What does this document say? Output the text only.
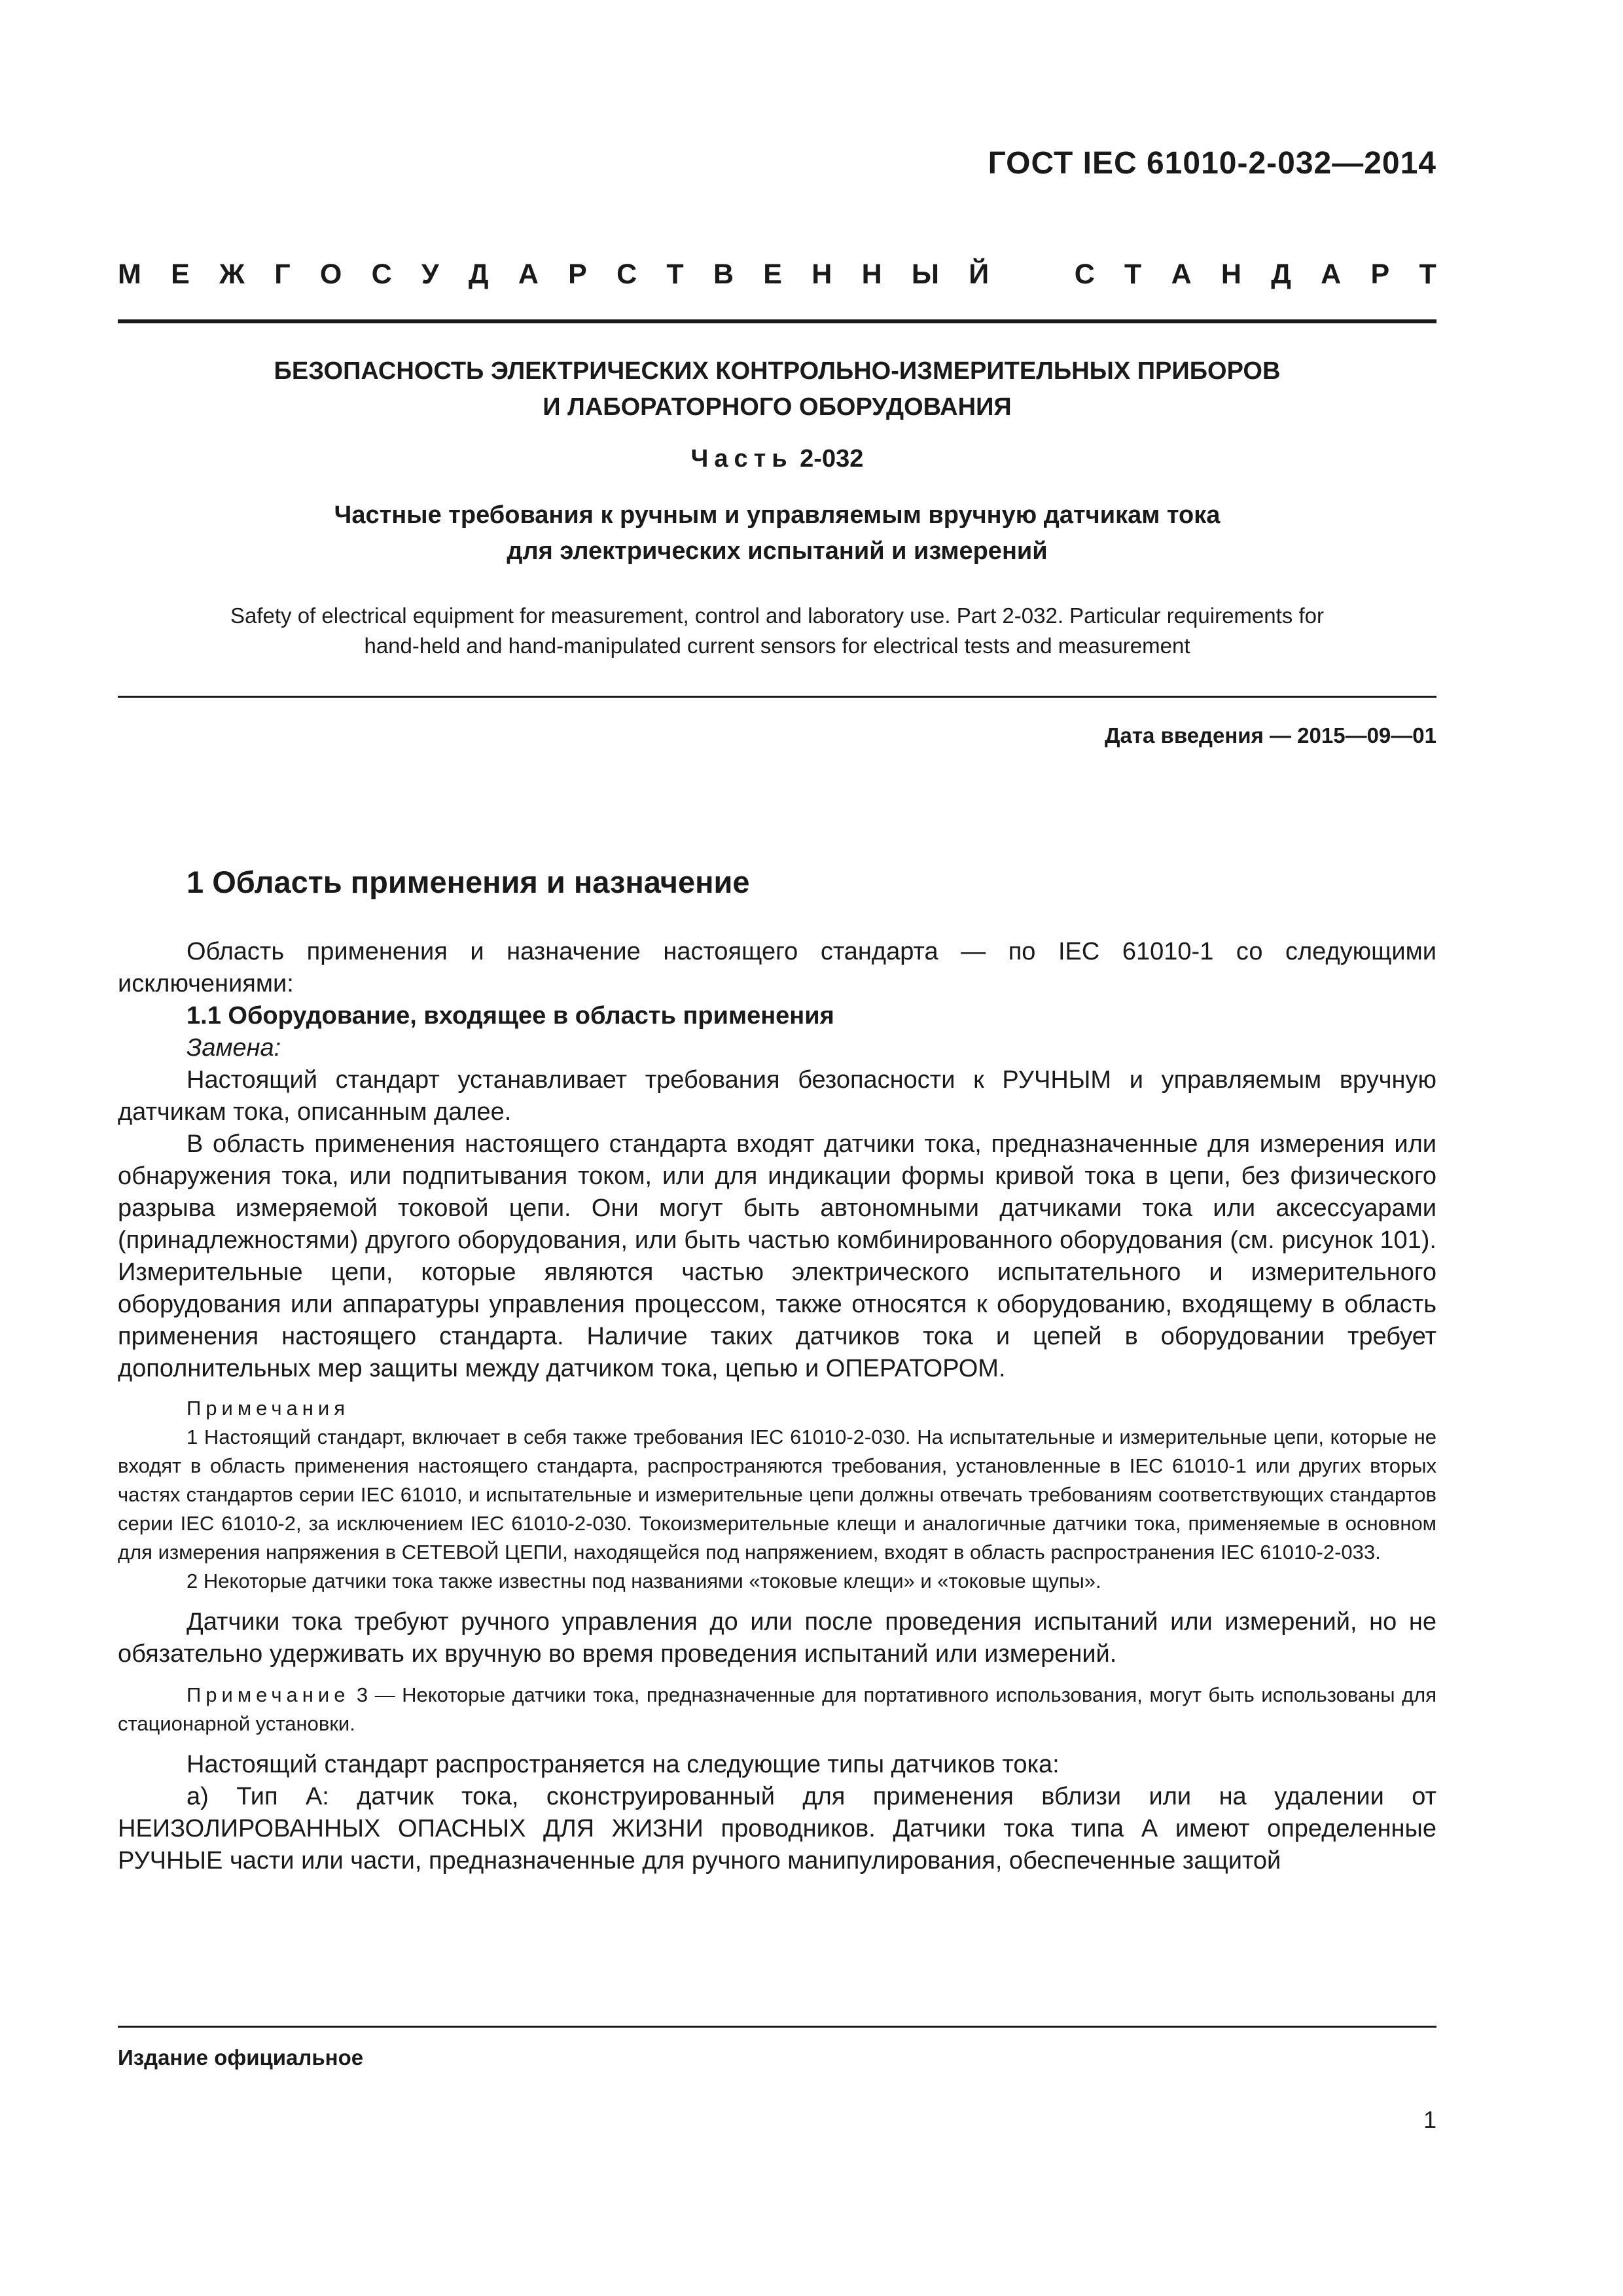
ГОСТ IEC 61010-2-032—2014
М Е Ж Г О С У Д А Р С Т В Е Н Н Ы Й	С Т А Н Д А Р Т
БЕЗОПАСНОСТЬ ЭЛЕКТРИЧЕСКИХ КОНТРОЛЬНО-ИЗМЕРИТЕЛЬНЫХ ПРИБОРОВ
И ЛАБОРАТОРНОГО ОБОРУДОВАНИЯ
Часть 2-032
Частные требования к ручным и управляемым вручную датчикам тока
для электрических испытаний и измерений
Safety of electrical equipment for measurement, control and laboratory use. Part 2-032. Particular requirements for
hand-held and hand-manipulated current sensors for electrical tests and measurement
Дата введения — 2015—09—01
1 Область применения и назначение

Область применения и назначение настоящего стандарта — по IEC 61010-1 со следующими исключениями:

1.1 Оборудование, входящее в область применения

Замена:

Настоящий стандарт устанавливает требования безопасности к РУЧНЫМ и управляемым вручную датчикам тока, описанным далее.

В область применения настоящего стандарта входят датчики тока, предназначенные для измерения или обнаружения тока, или подпитывания током, или для индикации формы кривой тока в цепи, без физического разрыва измеряемой токовой цепи. Они могут быть автономными датчиками тока или аксессуарами (принадлежностями) другого оборудования, или быть частью комбинированного оборудования (см. рисунок 101). Измерительные цепи, которые являются частью электрического испытательного и измерительного оборудования или аппаратуры управления процессом, также относятся к оборудованию, входящему в область применения настоящего стандарта. Наличие таких датчиков тока и цепей в оборудовании требует дополнительных мер защиты между датчиком тока, цепью и ОПЕРАТОРОМ.

Примечания

1 Настоящий стандарт, включает в себя также требования IEC 61010-2-030. На испытательные и измерительные цепи, которые не входят в область применения настоящего стандарта, распространяются требования, установленные в IEC 61010-1 или других вторых частях стандартов серии IEC 61010, и испытательные и измерительные цепи должны отвечать требованиям соответствующих стандартов серии IEC 61010-2, за исключением IEC 61010-2-030. Токоизмерительные клещи и аналогичные датчики тока, применяемые в основном для измерения напряжения в СЕТЕВОЙ ЦЕПИ, находящейся под напряжением, входят в область распространения IEC 61010-2-033.

2 Некоторые датчики тока также известны под названиями «токовые клещи» и «токовые щупы».

Датчики тока требуют ручного управления до или после проведения испытаний или измерений, но не обязательно удерживать их вручную во время проведения испытаний или измерений.

Примечание 3 — Некоторые датчики тока, предназначенные для портативного использования, могут быть использованы для стационарной установки.

Настоящий стандарт распространяется на следующие типы датчиков тока:

a) Тип А: датчик тока, сконструированный для применения вблизи или на удалении от НЕИЗОЛИРОВАННЫХ ОПАСНЫХ ДЛЯ ЖИЗНИ проводников. Датчики тока типа А имеют определенные РУЧНЫЕ части или части, предназначенные для ручного манипулирования, обеспеченные защитой

Издание официальное
1
